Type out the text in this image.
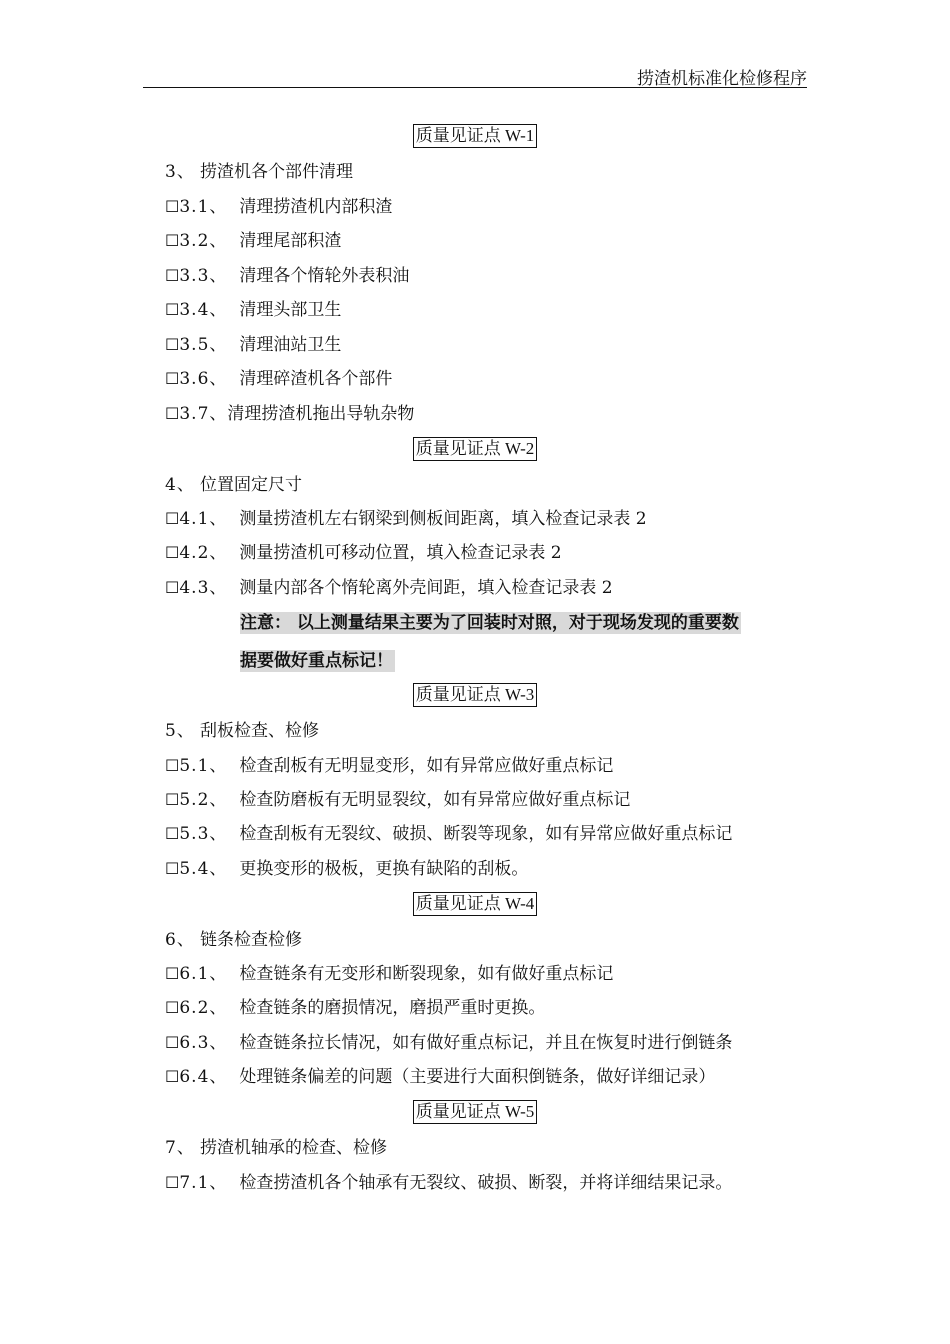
捞渣机标准化检修程序
质量见证点 W-1
3、 捞渣机各个部件清理
☐3.1、 清理捞渣机内部积渣
☐3.2、 清理尾部积渣
☐3.3、 清理各个惰轮外表积油
☐3.4、 清理头部卫生
☐3.5、 清理油站卫生
☐3.6、 清理碎渣机各个部件
☐3.7、清理捞渣机拖出导轨杂物
质量见证点 W-2
4、 位置固定尺寸
☐4.1、 测量捞渣机左右钢梁到侧板间距离，填入检查记录表 2
☐4.2、 测量捞渣机可移动位置，填入检查记录表 2
☐4.3、 测量内部各个惰轮离外壳间距，填入检查记录表 2
注意： 以上测量结果主要为了回装时对照，对于现场发现的重要数
据要做好重点标记！
质量见证点 W-3
5、 刮板检查、检修
☐5.1、 检查刮板有无明显变形，如有异常应做好重点标记
☐5.2、 检查防磨板有无明显裂纹，如有异常应做好重点标记
☐5.3、 检查刮板有无裂纹、破损、断裂等现象，如有异常应做好重点标记
☐5.4、 更换变形的极板，更换有缺陷的刮板。
质量见证点 W-4
6、 链条检查检修
☐6.1、 检查链条有无变形和断裂现象，如有做好重点标记
☐6.2、 检查链条的磨损情况，磨损严重时更换。
☐6.3、 检查链条拉长情况，如有做好重点标记，并且在恢复时进行倒链条
☐6.4、 处理链条偏差的问题（主要进行大面积倒链条，做好详细记录）
质量见证点 W-5
7、 捞渣机轴承的检查、检修
☐7.1、 检查捞渣机各个轴承有无裂纹、破损、断裂，并将详细结果记录。
